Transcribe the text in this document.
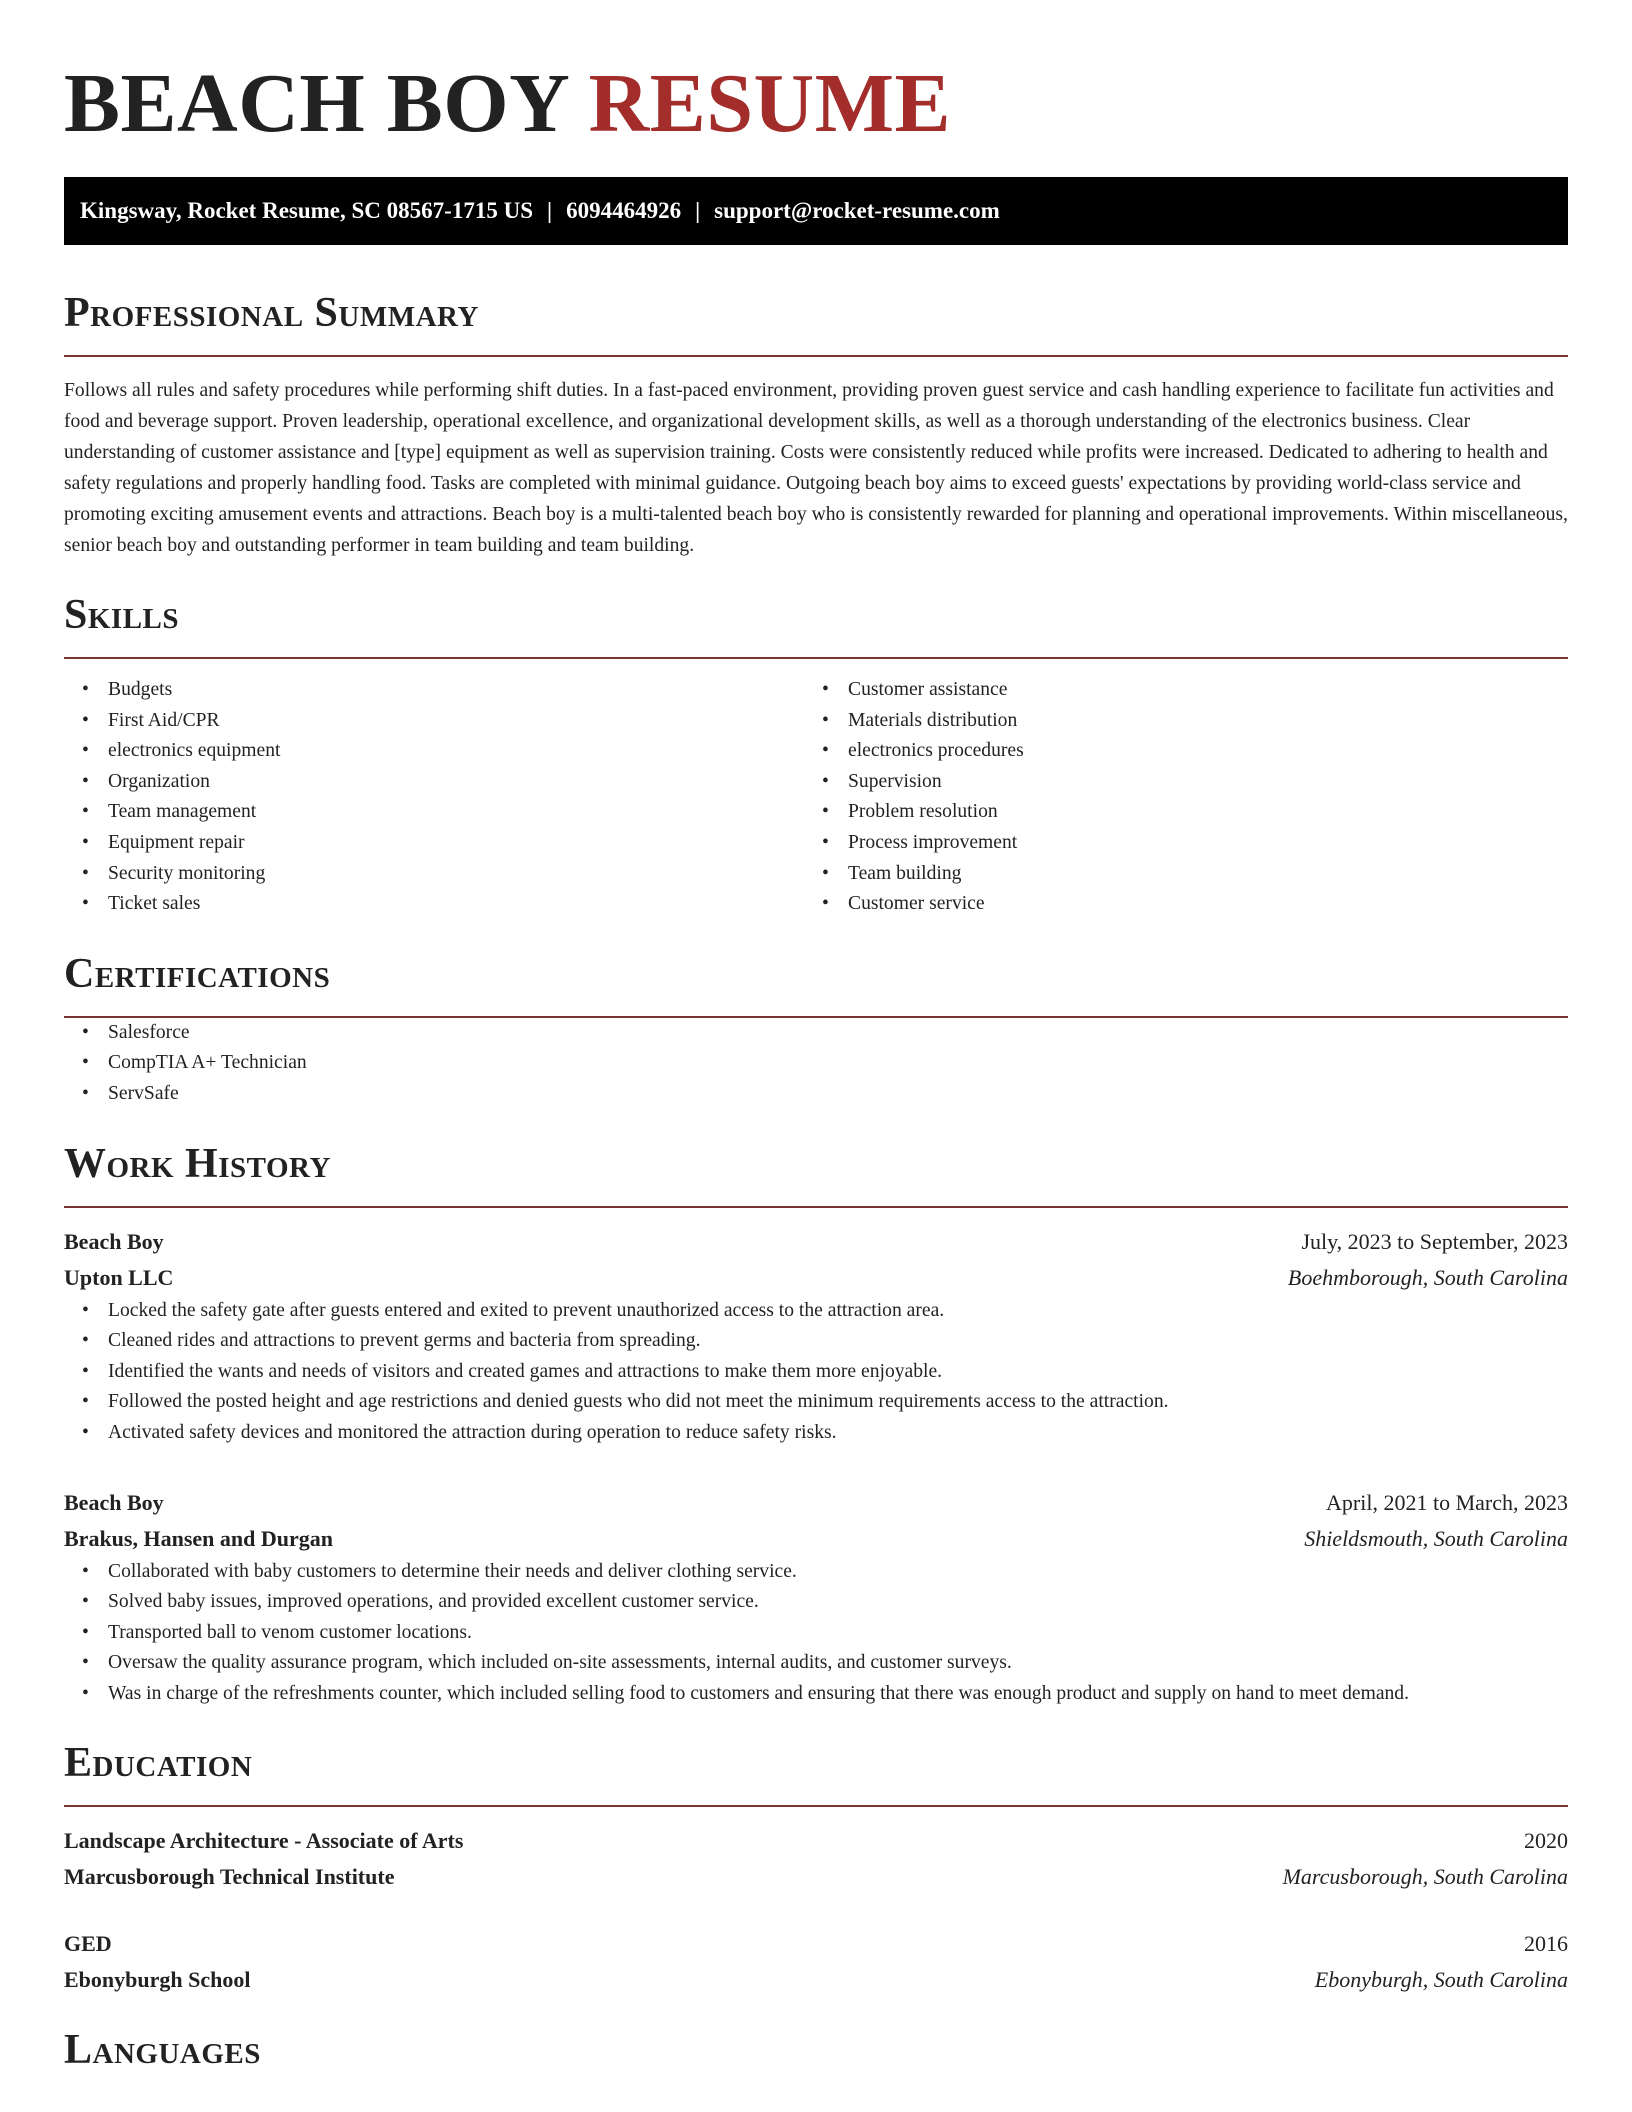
BEACH BOY RESUME
Kingsway, Rocket Resume, SC 08567-1715 US | 6094464926 | support@rocket-resume.com
Professional Summary

Follows all rules and safety procedures while performing shift duties. In a fast-paced environment, providing proven guest service and cash handling experience to facilitate fun activities and food and beverage support. Proven leadership, operational excellence, and organizational development skills, as well as a thorough understanding of the electronics business. Clear understanding of customer assistance and [type] equipment as well as supervision training. Costs were consistently reduced while profits were increased. Dedicated to adhering to health and safety regulations and properly handling food. Tasks are completed with minimal guidance. Outgoing beach boy aims to exceed guests' expectations by providing world-class service and promoting exciting amusement events and attractions. Beach boy is a multi-talented beach boy who is consistently rewarded for planning and operational improvements. Within miscellaneous, senior beach boy and outstanding performer in team building and team building.

Skills
• Budgets
• First Aid/CPR
• electronics equipment
• Organization
• Team management
• Equipment repair
• Security monitoring
• Ticket sales
• Customer assistance
• Materials distribution
• electronics procedures
• Supervision
• Problem resolution
• Process improvement
• Team building
• Customer service
Certifications
• Salesforce
• CompTIA A+ Technician
• ServSafe
Work History
Beach Boy	July, 2023 to September, 2023
Upton LLC	Boehmborough, South Carolina
• Locked the safety gate after guests entered and exited to prevent unauthorized access to the attraction area.
• Cleaned rides and attractions to prevent germs and bacteria from spreading.
• Identified the wants and needs of visitors and created games and attractions to make them more enjoyable.
• Followed the posted height and age restrictions and denied guests who did not meet the minimum requirements access to the attraction.
• Activated safety devices and monitored the attraction during operation to reduce safety risks.
Beach Boy	April, 2021 to March, 2023
Brakus, Hansen and Durgan	Shieldsmouth, South Carolina
• Collaborated with baby customers to determine their needs and deliver clothing service.
• Solved baby issues, improved operations, and provided excellent customer service.
• Transported ball to venom customer locations.
• Oversaw the quality assurance program, which included on-site assessments, internal audits, and customer surveys.
• Was in charge of the refreshments counter, which included selling food to customers and ensuring that there was enough product and supply on hand to meet demand.
Education
Landscape Architecture - Associate of Arts	2020
Marcusborough Technical Institute	Marcusborough, South Carolina
GED	2016
Ebonyburgh School	Ebonyburgh, South Carolina
Languages
